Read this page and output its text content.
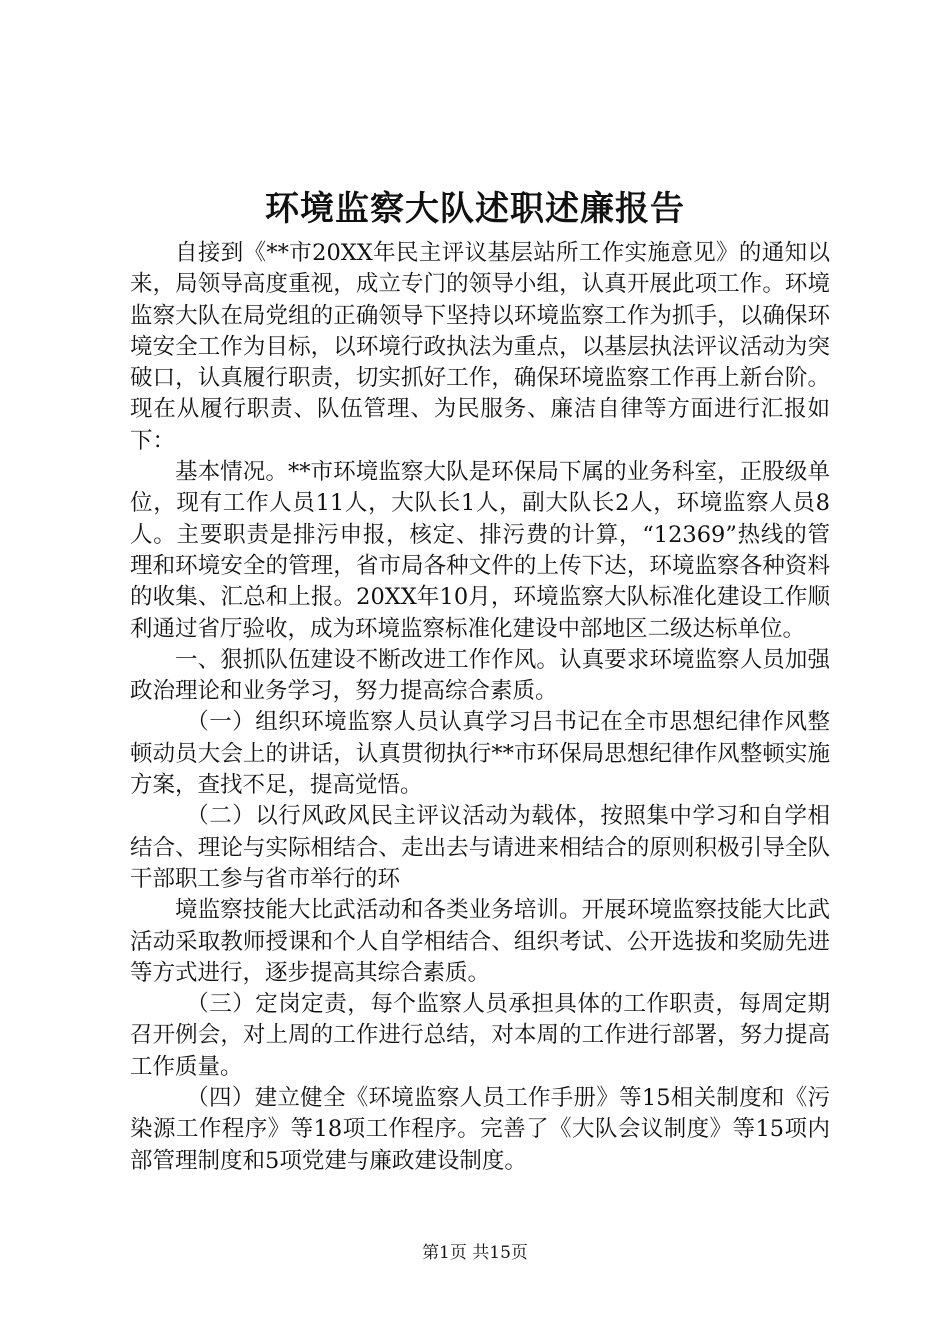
环境监察大队述职述廉报告

自接到《**市20XX年民主评议基层站所工作实施意见》的通知以来，局领导高度重视，成立专门的领导小组，认真开展此项工作。环境监察大队在局党组的正确领导下坚持以环境监察工作为抓手，以确保环境安全工作为目标，以环境行政执法为重点，以基层执法评议活动为突破口，认真履行职责，切实抓好工作，确保环境监察工作再上新台阶。现在从履行职责、队伍管理、为民服务、廉洁自律等方面进行汇报如下：

基本情况。**市环境监察大队是环保局下属的业务科室，正股级单位，现有工作人员11人，大队长1人，副大队长2人，环境监察人员8人。主要职责是排污申报，核定、排污费的计算，“12369”热线的管理和环境安全的管理，省市局各种文件的上传下达，环境监察各种资料的收集、汇总和上报。20XX年10月，环境监察大队标准化建设工作顺利通过省厅验收，成为环境监察标准化建设中部地区二级达标单位。

一、狠抓队伍建设不断改进工作作风。认真要求环境监察人员加强政治理论和业务学习，努力提高综合素质。

（一）组织环境监察人员认真学习吕书记在全市思想纪律作风整顿动员大会上的讲话，认真贯彻执行**市环保局思想纪律作风整顿实施方案，查找不足，提高觉悟。

（二）以行风政风民主评议活动为载体，按照集中学习和自学相结合、理论与实际相结合、走出去与请进来相结合的原则积极引导全队干部职工参与省市举行的环

境监察技能大比武活动和各类业务培训。开展环境监察技能大比武活动采取教师授课和个人自学相结合、组织考试、公开选拔和奖励先进等方式进行，逐步提高其综合素质。

（三）定岗定责，每个监察人员承担具体的工作职责，每周定期召开例会，对上周的工作进行总结，对本周的工作进行部署，努力提高工作质量。

（四）建立健全《环境监察人员工作手册》等15相关制度和《污染源工作程序》等18项工作程序。完善了《大队会议制度》等15项内部管理制度和5项党建与廉政建设制度。

第1页 共15页
